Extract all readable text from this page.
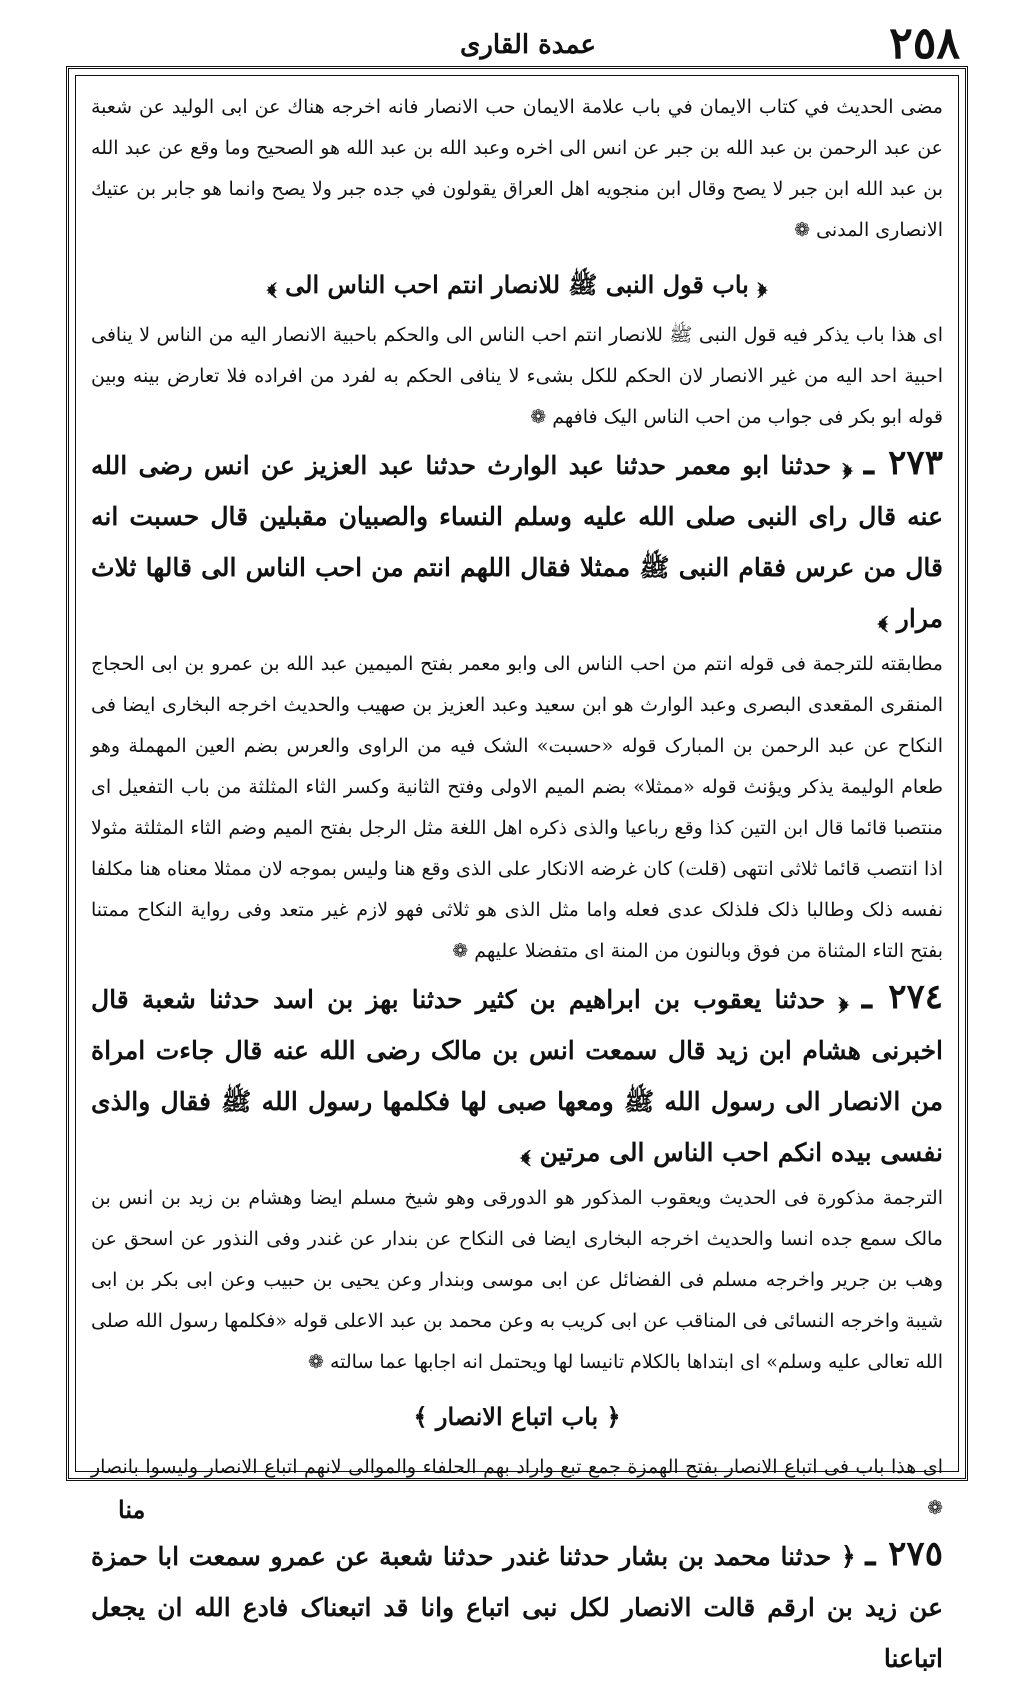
عمدة القاری	٢٥٨

مضى الحديث في كتاب الايمان في باب علامة الايمان حب الانصار فانه اخرجه هناك عن ابى الوليد عن شعبة عن عبد الرحمن بن عبد الله بن جبر عن انس الى اخره وعبد الله بن عبد الله هو الصحيح وما وقع عن عبد الله بن عبد الله ابن جبر لا يصح وقال ابن منجويه اهل العراق يقولون في جده جبر ولا يصح وانما هو جابر بن عتيك الانصارى المدنى ❁

﴿ باب قول النبی ﷺ للانصار انتم احب الناس الی ﴾

ای هذا باب یذکر فیه قول النبی ﷺ للانصار انتم احب الناس الی والحکم باحبیة الانصار الیه من الناس لا ینافی احبیة احد الیه من غیر الانصار لان الحکم للکل بشیء لا ینافی الحکم به لفرد من افراده فلا تعارض بینه وبین قوله ابو بکر فی جواب من احب الناس الیک فافهم ❁

٢٧٣ ـ ﴿ حدثنا ابو معمر حدثنا عبد الوارث حدثنا عبد العزیز عن انس رضی الله عنه قال رای النبی صلی الله علیه وسلم النساء والصبیان مقبلین قال حسبت انه قال من عرس فقام النبی ﷺ ممثلا فقال اللهم انتم من احب الناس الی قالها ثلاث مرار ﴾

مطابقته للترجمة فی قوله انتم من احب الناس الی وابو معمر بفتح المیمین عبد الله بن عمرو بن ابی الحجاج المنقری المقعدی البصری وعبد الوارث هو ابن سعید وعبد العزیز بن صهیب والحدیث اخرجه البخاری ایضا فی النکاح عن عبد الرحمن بن المبارک قوله «حسبت» الشک فیه من الراوی والعرس بضم العین المهملة وهو طعام الولیمة یذکر ویؤنث قوله «ممثلا» بضم المیم الاولی وفتح الثانیة وکسر الثاء المثلثة من باب التفعیل ای منتصبا قائما قال ابن التین کذا وقع رباعیا والذی ذکره اهل اللغة مثل الرجل بفتح المیم وضم الثاء المثلثة مثولا اذا انتصب قائما ثلاثی انتهی (قلت) کان غرضه الانکار علی الذی وقع هنا ولیس بموجه لان ممثلا معناه هنا مکلفا نفسه ذلک وطالبا ذلک فلذلک عدی فعله واما مثل الذی هو ثلاثی فهو لازم غیر متعد وفی روایة النکاح ممتنا بفتح التاء المثناة من فوق وبالنون من المنة ای متفضلا علیهم ❁

٢٧٤ ـ ﴿ حدثنا یعقوب بن ابراهیم بن کثیر حدثنا بهز بن اسد حدثنا شعبة قال اخبرنی هشام ابن زید قال سمعت انس بن مالک رضی الله عنه قال جاءت امراة من الانصار الی رسول الله ﷺ ومعها صبی لها فکلمها رسول الله ﷺ فقال والذی نفسی بیده انکم احب الناس الی مرتین ﴾

الترجمة مذکورة فی الحدیث ویعقوب المذکور هو الدورقی وهو شیخ مسلم ایضا وهشام بن زید بن انس بن مالک سمع جده انسا والحدیث اخرجه البخاری ایضا فی النکاح عن بندار عن غندر وفی النذور عن اسحق عن وهب بن جریر واخرجه مسلم فی الفضائل عن ابی موسی وبندار وعن یحیی بن حبیب وعن ابی بکر بن ابی شیبة واخرجه النسائی فی المناقب عن ابی کریب به وعن محمد بن عبد الاعلی قوله «فکلمها رسول الله صلی الله تعالی علیه وسلم» ای ابتداها بالکلام تانیسا لها ویحتمل انه اجابها عما سالته ❁

﴿ باب اتباع الانصار ﴾

ای هذا باب فی اتباع الانصار بفتح الهمزة جمع تبع واراد بهم الحلفاء والموالی لانهم اتباع الانصار ولیسوا بانصار ❁

٢٧٥ ـ ﴿ حدثنا محمد بن بشار حدثنا غندر حدثنا شعبة عن عمرو سمعت ابا حمزة عن زید بن ارقم قالت الانصار لکل نبی اتباع وانا قد اتبعناک فادع الله ان یجعل اتباعنا

منا
